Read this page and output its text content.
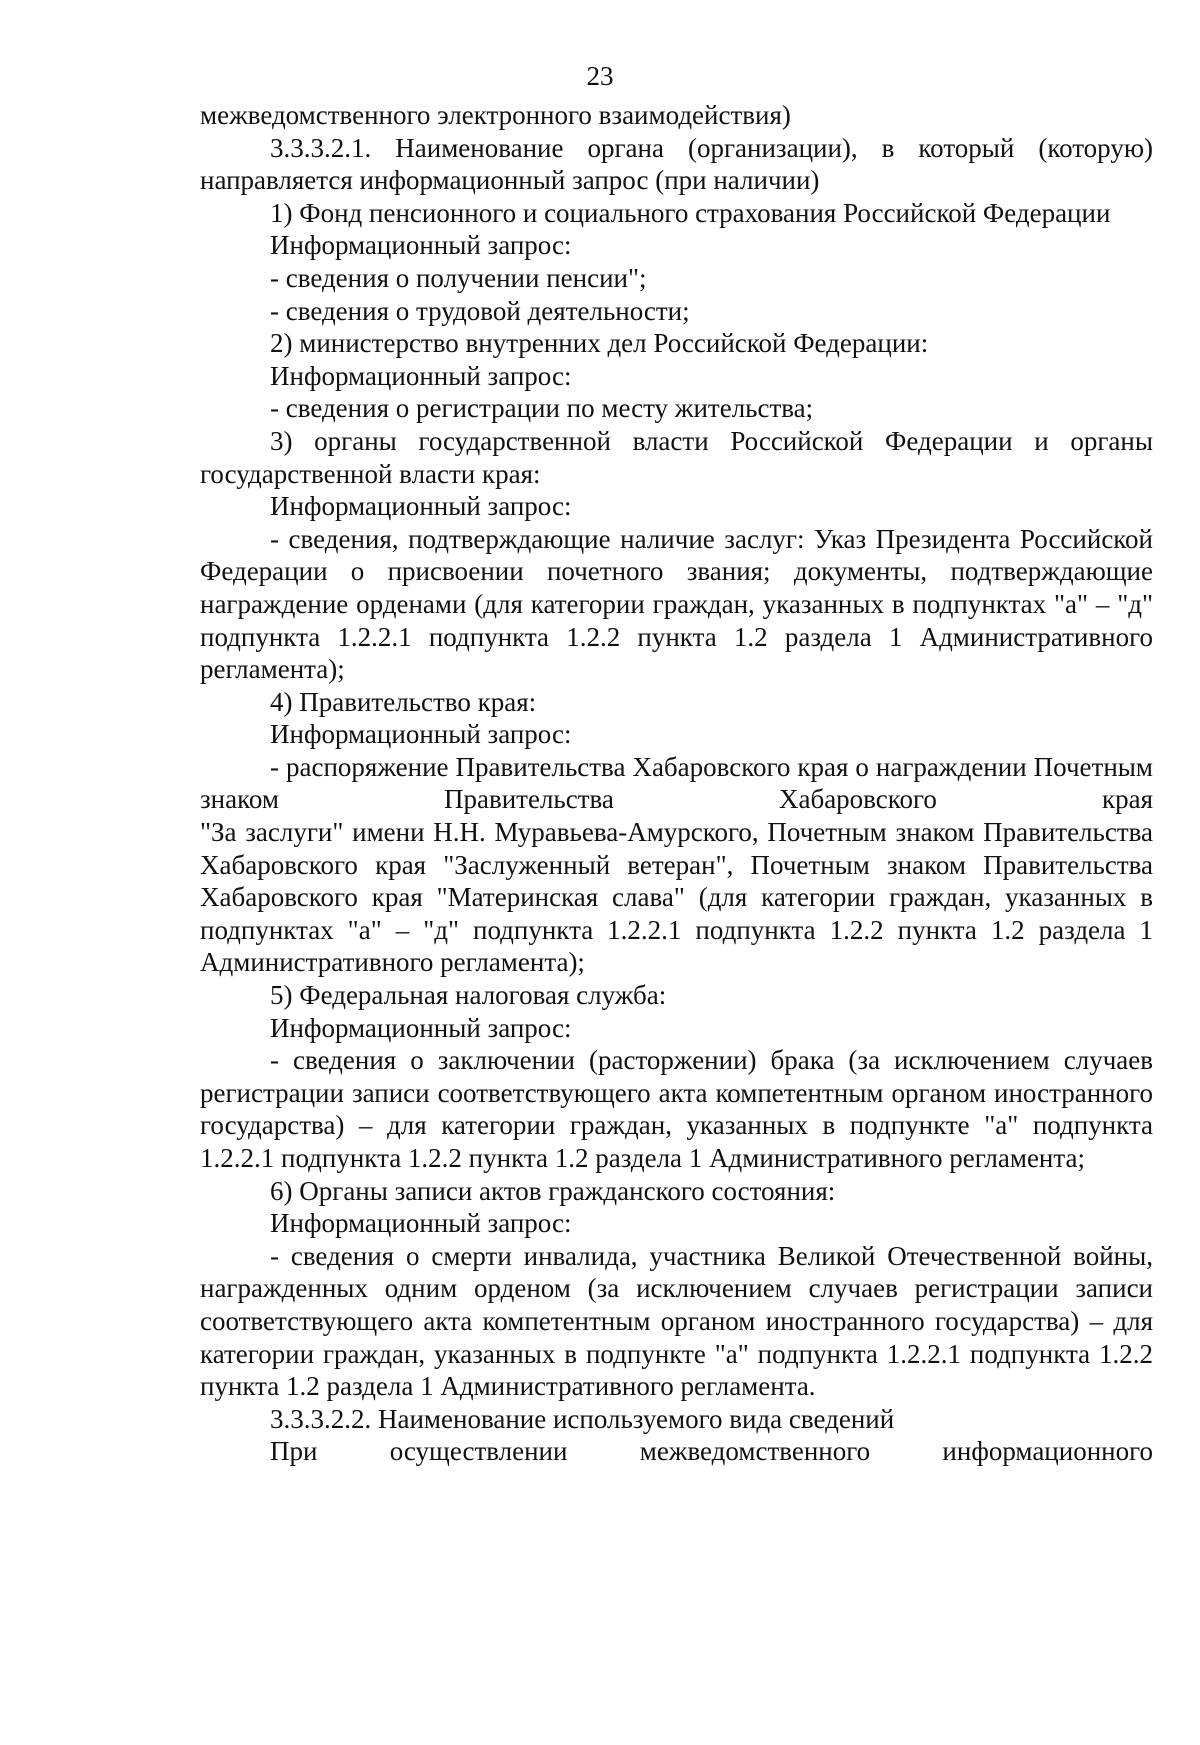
23

межведомственного электронного взаимодействия)

3.3.3.2.1. Наименование органа (организации), в который (которую) направляется информационный запрос (при наличии)

1) Фонд пенсионного и социального страхования Российской Федерации

Информационный запрос:

- сведения о получении пенсии";

- сведения о трудовой деятельности;

2) министерство внутренних дел Российской Федерации:

Информационный запрос:

- сведения о регистрации по месту жительства;

3) органы государственной власти Российской Федерации и органы государственной власти края:

Информационный запрос:

- сведения, подтверждающие наличие заслуг: Указ Президента Российской Федерации о присвоении почетного звания; документы, подтверждающие награждение орденами (для категории граждан, указанных в подпунктах "а" – "д" подпункта 1.2.2.1 подпункта 1.2.2 пункта 1.2 раздела 1 Административного регламента);

4) Правительство края:

Информационный запрос:

- распоряжение Правительства Хабаровского края о награждении Почетным знаком Правительства Хабаровского края

"За заслуги" имени Н.Н. Муравьева-Амурского, Почетным знаком Правительства Хабаровского края "Заслуженный ветеран", Почетным знаком Правительства Хабаровского края "Материнская слава" (для категории граждан, указанных в подпунктах "а" – "д" подпункта 1.2.2.1 подпункта 1.2.2 пункта 1.2 раздела 1 Административного регламента);

5) Федеральная налоговая служба:

Информационный запрос:

- сведения о заключении (расторжении) брака (за исключением случаев регистрации записи соответствующего акта компетентным органом иностранного государства) – для категории граждан, указанных в подпункте "а" подпункта 1.2.2.1 подпункта 1.2.2 пункта 1.2 раздела 1 Административного регламента;

6) Органы записи актов гражданского состояния:

Информационный запрос:

- сведения о смерти инвалида, участника Великой Отечественной войны, награжденных одним орденом (за исключением случаев регистрации записи соответствующего акта компетентным органом иностранного государства) – для категории граждан, указанных в подпункте "а" подпункта 1.2.2.1 подпункта 1.2.2 пункта 1.2 раздела 1 Административного регламента.

3.3.3.2.2. Наименование используемого вида сведений

При осуществлении межведомственного информационного
